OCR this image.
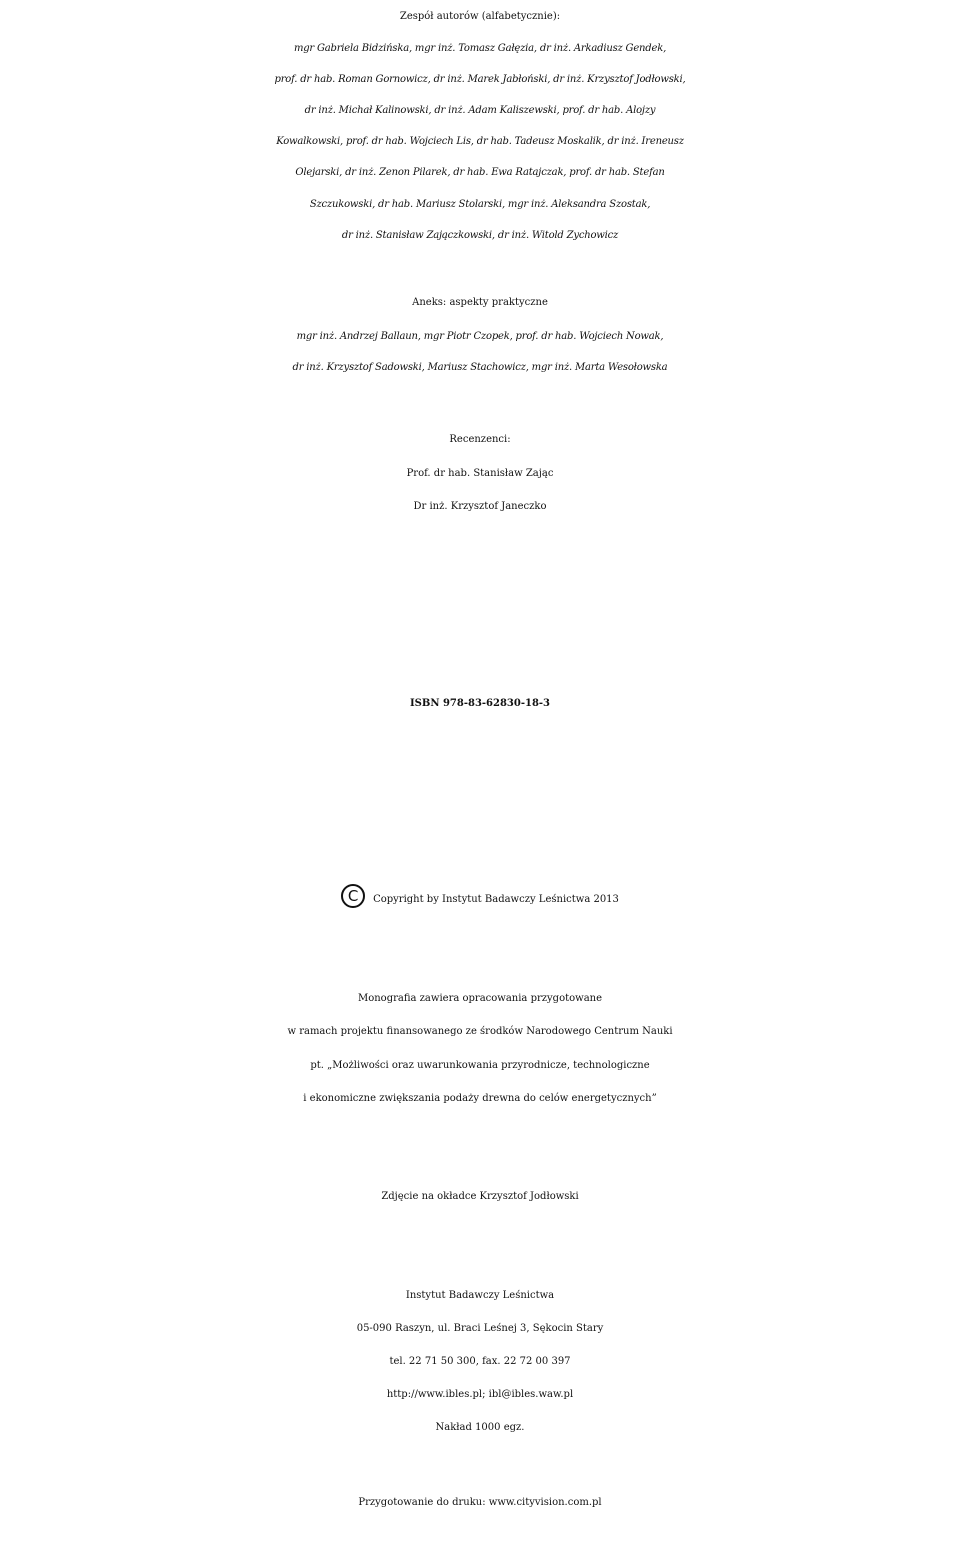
Zespół autorów (alfabetycznie):
mgr Gabriela Bidzińska, mgr inż. Tomasz Gałęzia, dr inż. Arkadiusz Gendek,
prof. dr hab. Roman Gornowicz, dr inż. Marek Jabłoński, dr inż. Krzysztof Jodłowski,
dr inż. Michał Kalinowski, dr inż. Adam Kaliszewski, prof. dr hab. Alojzy
Kowalkowski, prof. dr hab. Wojciech Lis, dr hab. Tadeusz Moskalik, dr inż. Ireneusz
Olejarski, dr inż. Zenon Pilarek, dr hab. Ewa Ratajczak, prof. dr hab. Stefan
Szczukowski, dr hab. Mariusz Stolarski, mgr inż. Aleksandra Szostak,
dr inż. Stanisław Zajączkowski, dr inż. Witold Zychowicz
Aneks: aspekty praktyczne
mgr inż. Andrzej Ballaun, mgr Piotr Czopek, prof. dr hab. Wojciech Nowak,
dr inż. Krzysztof Sadowski, Mariusz Stachowicz, mgr inż. Marta Wesołowska
Recenzenci:
Prof. dr hab. Stanisław Zając
Dr inż. Krzysztof Janeczko
ISBN 978-83-62830-18-3
C Copyright by Instytut Badawczy Leśnictwa 2013
Monografia zawiera opracowania przygotowane
w ramach projektu finansowanego ze środków Narodowego Centrum Nauki
pt. „Możliwości oraz uwarunkowania przyrodnicze, technologiczne
i ekonomiczne zwiększania podaży drewna do celów energetycznych”
Zdjęcie na okładce Krzysztof Jodłowski
Instytut Badawczy Leśnictwa
05-090 Raszyn, ul. Braci Leśnej 3, Sękocin Stary
tel. 22 71 50 300, fax. 22 72 00 397
http://www.ibles.pl; ibl@ibles.waw.pl
Nakład 1000 egz.
Przygotowanie do druku: www.cityvision.com.pl
